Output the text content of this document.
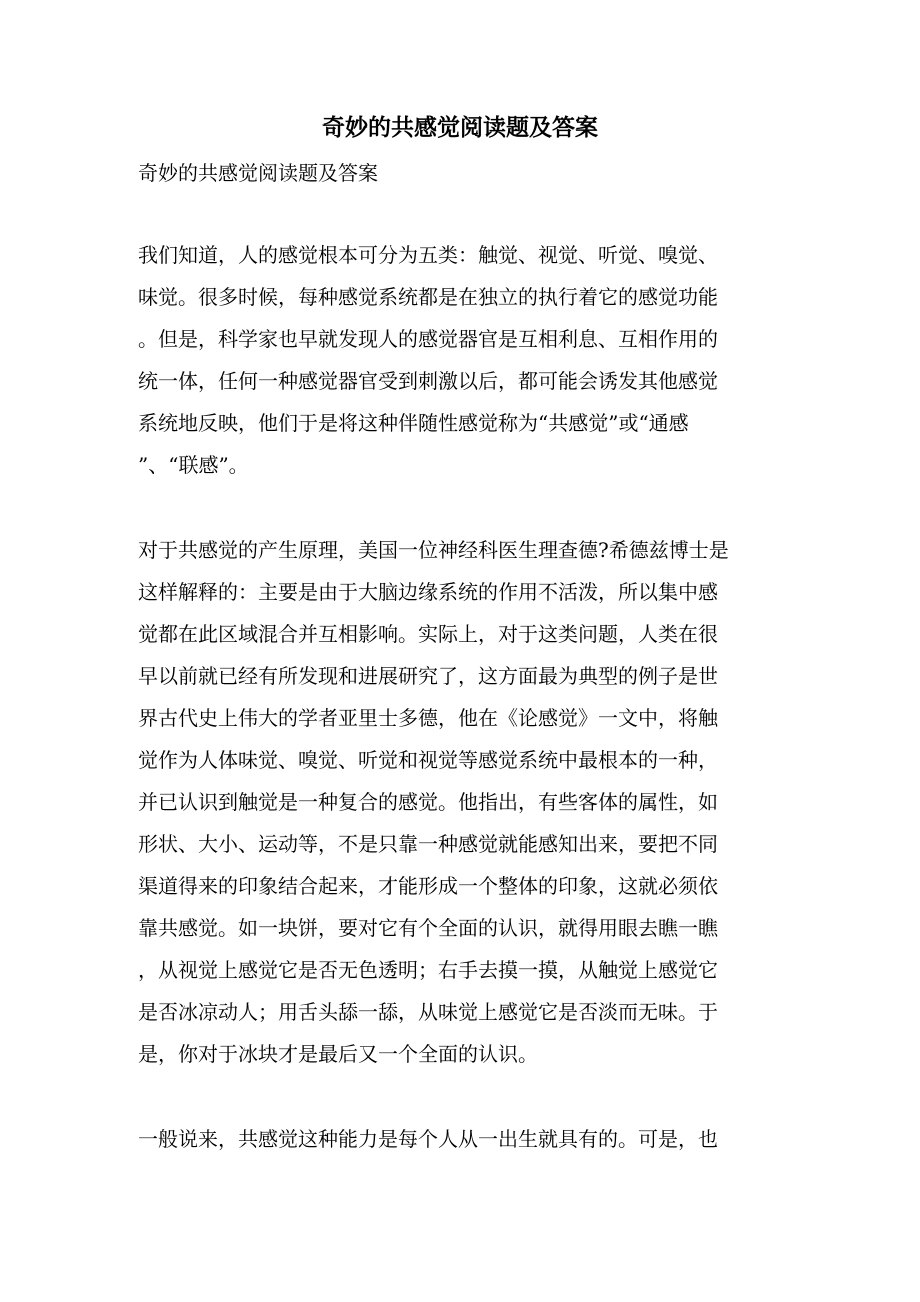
奇妙的共感觉阅读题及答案
奇妙的共感觉阅读题及答案
我们知道，人的感觉根本可分为五类：触觉、视觉、听觉、嗅觉、
味觉。很多时候，每种感觉系统都是在独立的执行着它的感觉功能
。但是，科学家也早就发现人的感觉器官是互相利息、互相作用的
统一体，任何一种感觉器官受到刺激以后，都可能会诱发其他感觉
系统地反映，他们于是将这种伴随性感觉称为“共感觉”或“通感
”、“联感”。
对于共感觉的产生原理，美国一位神经科医生理查德?希德兹博士是
这样解释的：主要是由于大脑边缘系统的作用不活泼，所以集中感
觉都在此区域混合并互相影响。实际上，对于这类问题，人类在很
早以前就已经有所发现和进展研究了，这方面最为典型的例子是世
界古代史上伟大的学者亚里士多德，他在《论感觉》一文中，将触
觉作为人体味觉、嗅觉、听觉和视觉等感觉系统中最根本的一种，
并已认识到触觉是一种复合的感觉。他指出，有些客体的属性，如
形状、大小、运动等，不是只靠一种感觉就能感知出来，要把不同
渠道得来的印象结合起来，才能形成一个整体的印象，这就必须依
靠共感觉。如一块饼，要对它有个全面的认识，就得用眼去瞧一瞧
，从视觉上感觉它是否无色透明；右手去摸一摸，从触觉上感觉它
是否冰凉动人；用舌头舔一舔，从味觉上感觉它是否淡而无味。于
是，你对于冰块才是最后又一个全面的认识。
一般说来，共感觉这种能力是每个人从一出生就具有的。可是，也
